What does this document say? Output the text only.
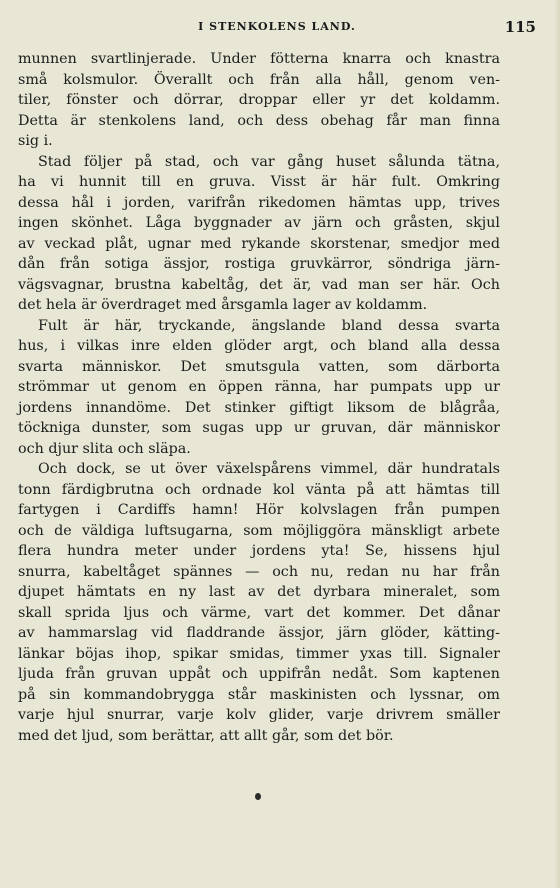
I STENKOLENS LAND.	115
munnen svartlinjerade. Under fötterna knarra och knastra
små kolsmulor. Överallt och från alla håll, genom ven-
tiler, fönster och dörrar, droppar eller yr det koldamm.
Detta är stenkolens land, och dess obehag får man finna
sig i.
Stad följer på stad, och var gång huset sålunda tätna,
ha vi hunnit till en gruva. Visst är här fult. Omkring
dessa hål i jorden, varifrån rikedomen hämtas upp, trives
ingen skönhet. Låga byggnader av järn och gråsten, skjul
av veckad plåt, ugnar med rykande skorstenar, smedjor med
dån från sotiga ässjor, rostiga gruvkärror, söndriga järn-
vägsvagnar, brustna kabeltåg, det är, vad man ser här. Och
det hela är överdraget med årsgamla lager av koldamm.
Fult är här, tryckande, ängslande bland dessa svarta
hus, i vilkas inre elden glöder argt, och bland alla dessa
svarta människor. Det smutsgula vatten, som därborta
strömmar ut genom en öppen ränna, har pumpats upp ur
jordens innandöme. Det stinker giftigt liksom de blågråa,
töckniga dunster, som sugas upp ur gruvan, där människor
och djur slita och släpa.
Och dock, se ut över växelspårens vimmel, där hundratals
tonn färdigbrutna och ordnade kol vänta på att hämtas till
fartygen i Cardiffs hamn! Hör kolvslagen från pumpen
och de väldiga luftsugarna, som möjliggöra mänskligt arbete
flera hundra meter under jordens yta! Se, hissens hjul
snurra, kabeltåget spännes — och nu, redan nu har från
djupet hämtats en ny last av det dyrbara mineralet, som
skall sprida ljus och värme, vart det kommer. Det dånar
av hammarslag vid fladdrande ässjor, järn glöder, kätting-
länkar böjas ihop, spikar smidas, timmer yxas till. Signaler
ljuda från gruvan uppåt och uppifrån nedåt. Som kaptenen
på sin kommandobrygga står maskinisten och lyssnar, om
varje hjul snurrar, varje kolv glider, varje drivrem smäller
med det ljud, som berättar, att allt går, som det bör.
